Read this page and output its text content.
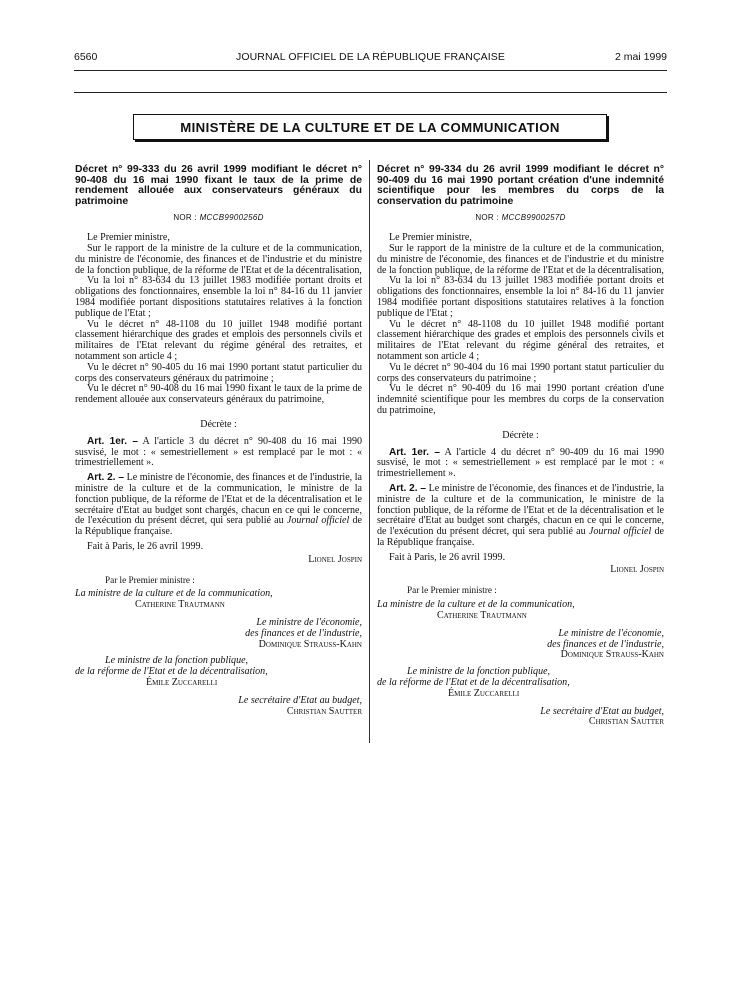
6560	JOURNAL OFFICIEL DE LA RÉPUBLIQUE FRANÇAISE	2 mai 1999
MINISTÈRE DE LA CULTURE ET DE LA COMMUNICATION

Décret n° 99-333 du 26 avril 1999 modifiant le décret n° 90-408 du 16 mai 1990 fixant le taux de la prime de rendement allouée aux conservateurs généraux du patrimoine

NOR : MCCB9900256D

Le Premier ministre,

Sur le rapport de la ministre de la culture et de la communication, du ministre de l'économie, des finances et de l'industrie et du ministre de la fonction publique, de la réforme de l'Etat et de la décentralisation,

Vu la loi n° 83-634 du 13 juillet 1983 modifiée portant droits et obligations des fonctionnaires, ensemble la loi n° 84-16 du 11 janvier 1984 modifiée portant dispositions statutaires relatives à la fonction publique de l'Etat ;

Vu le décret n° 48-1108 du 10 juillet 1948 modifié portant classement hiérarchique des grades et emplois des personnels civils et militaires de l'Etat relevant du régime général des retraites, et notamment son article 4 ;

Vu le décret n° 90-405 du 16 mai 1990 portant statut particulier du corps des conservateurs généraux du patrimoine ;

Vu le décret n° 90-408 du 16 mai 1990 fixant le taux de la prime de rendement allouée aux conservateurs généraux du patrimoine,

Décrète :

Art. 1er. – A l'article 3 du décret n° 90-408 du 16 mai 1990 susvisé, le mot : « semestriellement » est remplacé par le mot : « trimestriellement ».

Art. 2. – Le ministre de l'économie, des finances et de l'industrie, la ministre de la culture et de la communication, le ministre de la fonction publique, de la réforme de l'Etat et de la décentralisation et le secrétaire d'Etat au budget sont chargés, chacun en ce qui le concerne, de l'exécution du présent décret, qui sera publié au Journal officiel de la République française.

Fait à Paris, le 26 avril 1999.

Lionel Jospin

Par le Premier ministre :

La ministre de la culture et de la communication,

Catherine Trautmann

Le ministre de l'économie,

des finances et de l'industrie,

Dominique Strauss-Kahn

Le ministre de la fonction publique,

de la réforme de l'Etat et de la décentralisation,

Émile Zuccarelli

Le secrétaire d'Etat au budget,

Christian Sautter

Décret n° 99-334 du 26 avril 1999 modifiant le décret n° 90-409 du 16 mai 1990 portant création d'une indemnité scientifique pour les membres du corps de la conservation du patrimoine

NOR : MCCB9900257D

Le Premier ministre,

Sur le rapport de la ministre de la culture et de la communication, du ministre de l'économie, des finances et de l'industrie et du ministre de la fonction publique, de la réforme de l'Etat et de la décentralisation,

Vu la loi n° 83-634 du 13 juillet 1983 modifiée portant droits et obligations des fonctionnaires, ensemble la loi n° 84-16 du 11 janvier 1984 modifiée portant dispositions statutaires relatives à la fonction publique de l'Etat ;

Vu le décret n° 48-1108 du 10 juillet 1948 modifié portant classement hiérarchique des grades et emplois des personnels civils et militaires de l'Etat relevant du régime général des retraites, et notamment son article 4 ;

Vu le décret n° 90-404 du 16 mai 1990 portant statut particulier du corps des conservateurs du patrimoine ;

Vu le décret n° 90-409 du 16 mai 1990 portant création d'une indemnité scientifique pour les membres du corps de la conservation du patrimoine,

Décrète :

Art. 1er. – A l'article 4 du décret n° 90-409 du 16 mai 1990 susvisé, le mot : « semestriellement » est remplacé par le mot : « trimestriellement ».

Art. 2. – Le ministre de l'économie, des finances et de l'industrie, la ministre de la culture et de la communication, le ministre de la fonction publique, de la réforme de l'Etat et de la décentralisation et le secrétaire d'Etat au budget sont chargés, chacun en ce qui le concerne, de l'exécution du présent décret, qui sera publié au Journal officiel de la République française.

Fait à Paris, le 26 avril 1999.

Lionel Jospin

Par le Premier ministre :

La ministre de la culture et de la communication,

Catherine Trautmann

Le ministre de l'économie,

des finances et de l'industrie,

Dominique Strauss-Kahn

Le ministre de la fonction publique,

de la réforme de l'Etat et de la décentralisation,

Émile Zuccarelli

Le secrétaire d'Etat au budget,

Christian Sautter
